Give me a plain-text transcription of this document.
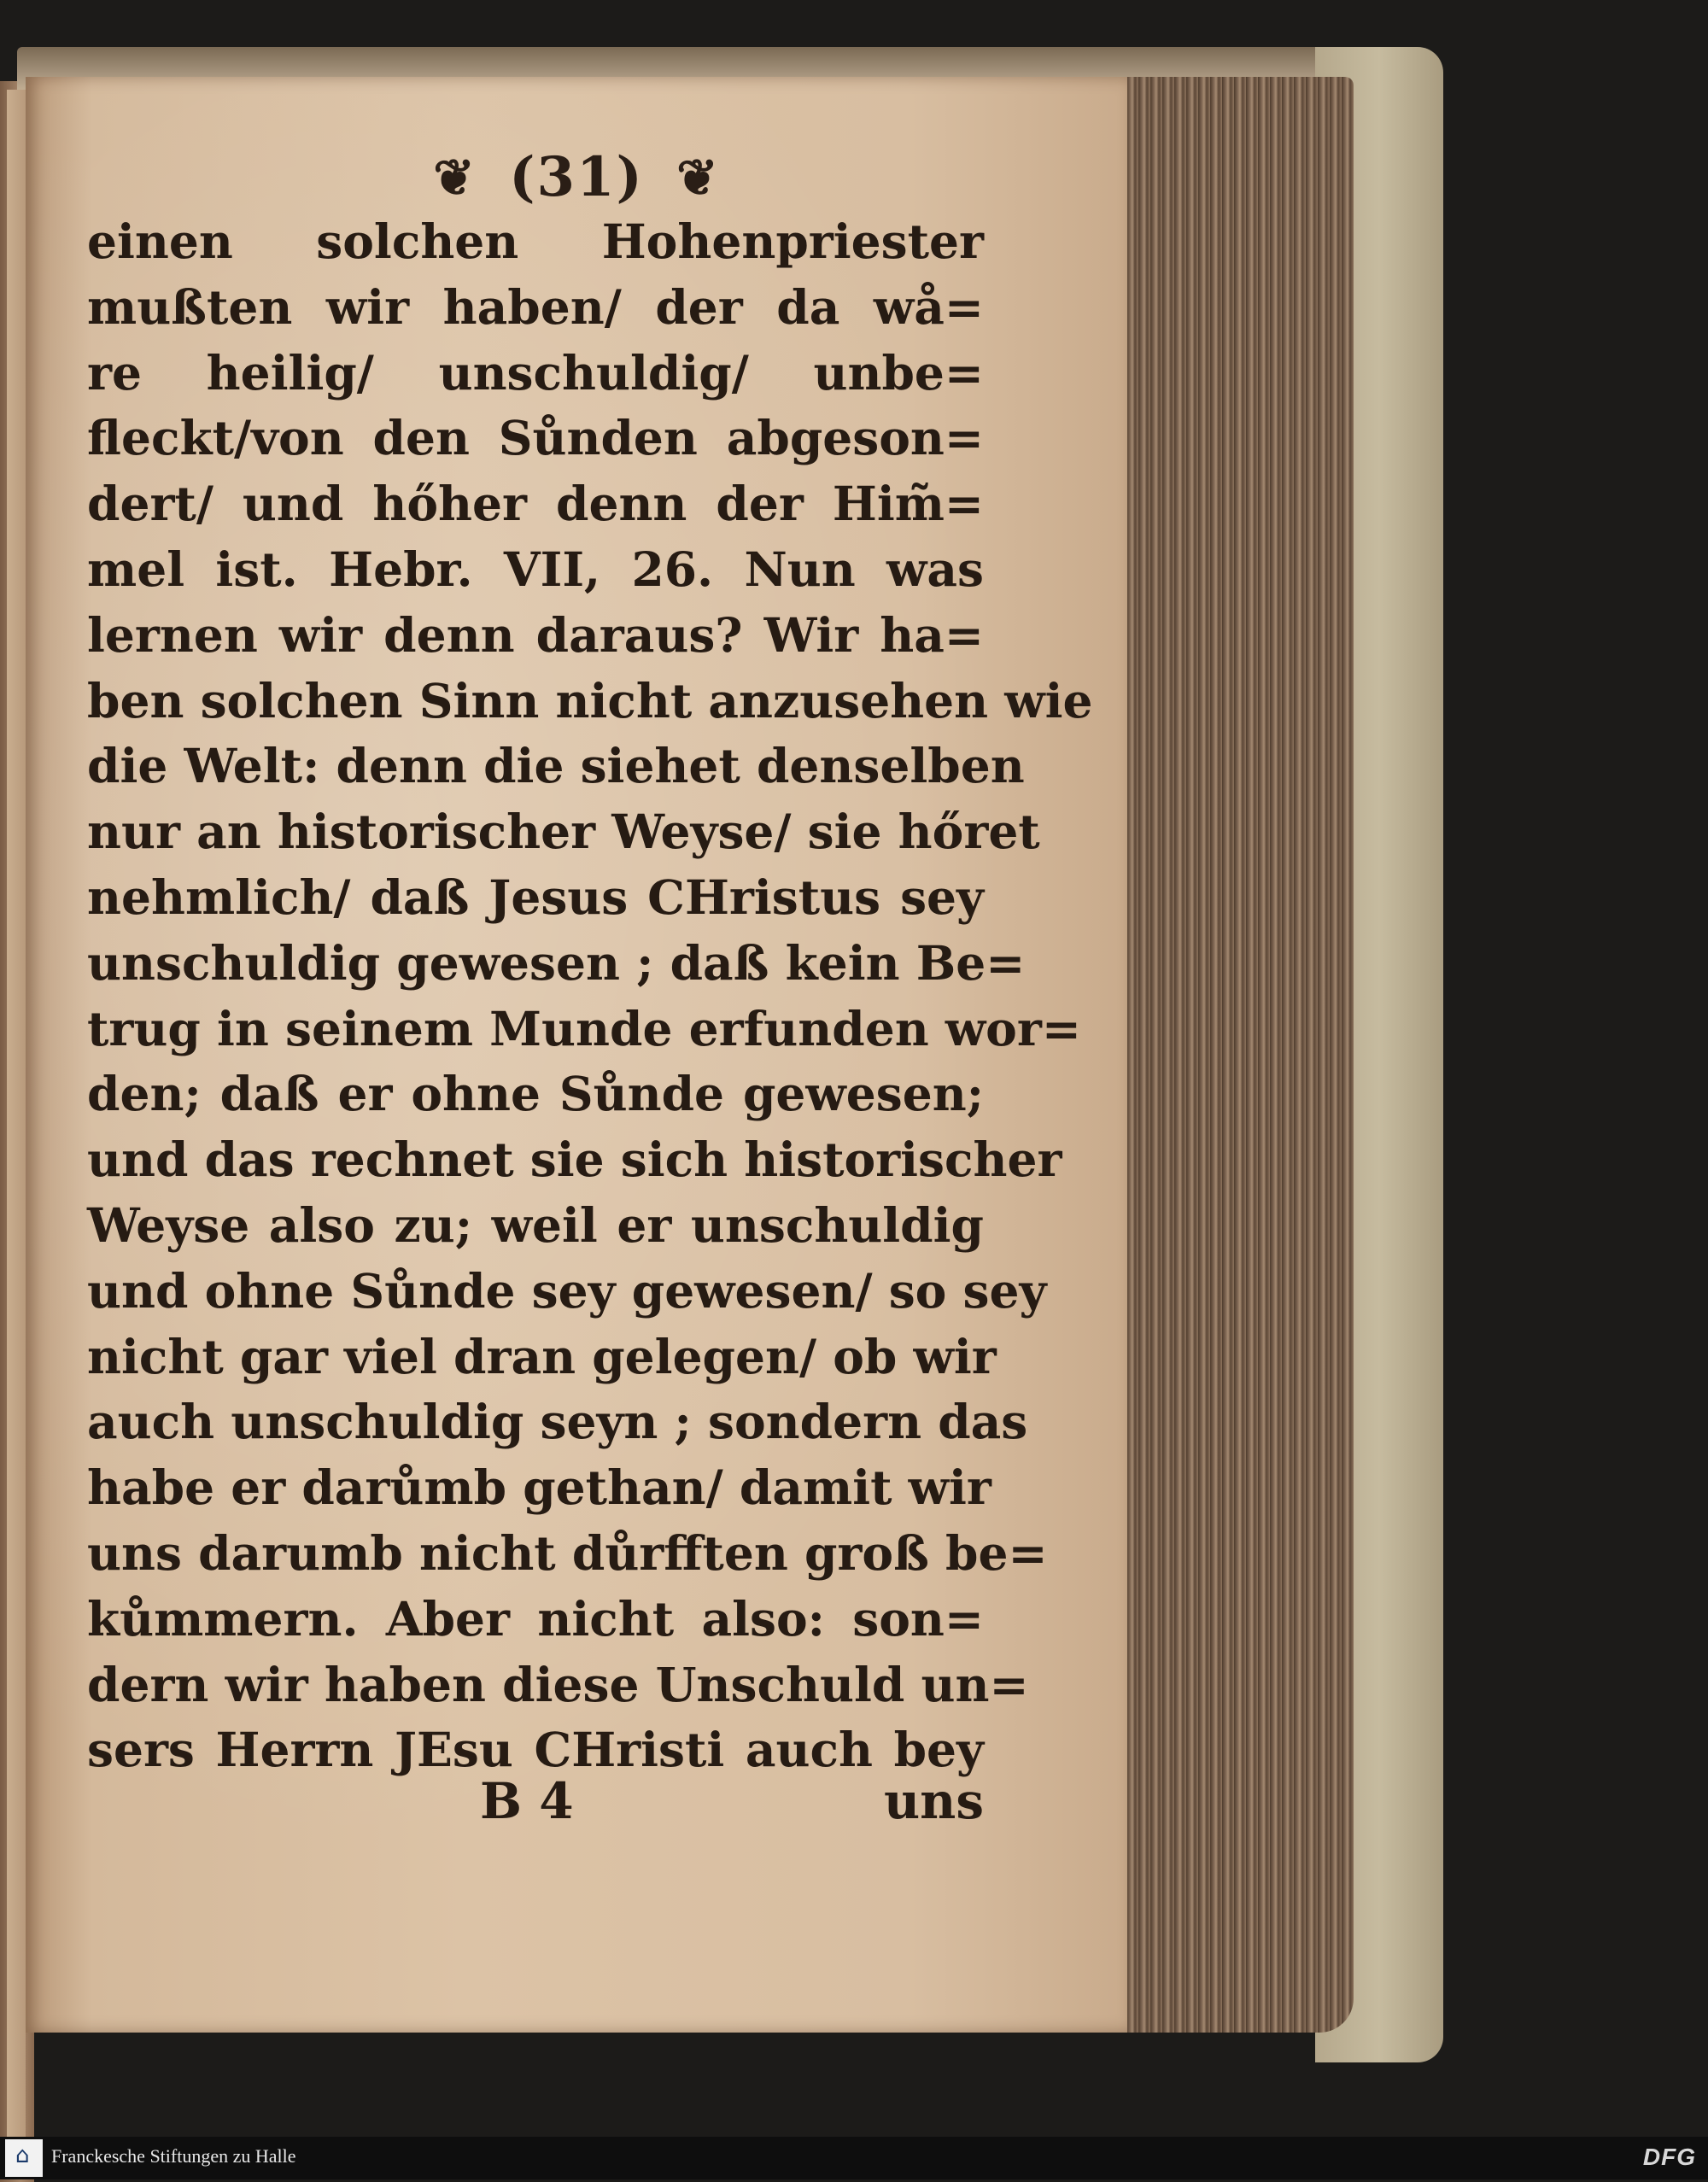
❦ (31) ❦
einen solchen Hohenpriester
mußten wir haben/ der da wå=
re heilig/ unschuldig/ unbe=
fleckt/von den Sůnden abgeson=
dert/ und hőher denn der Him̃=
mel ist. Hebr. VII, 26. Nun was
lernen wir denn daraus? Wir ha=
ben solchen Sinn nicht anzusehen wie
die Welt: denn die siehet denselben
nur an historischer Weyse/ sie hőret
nehmlich/ daß Jesus CHristus sey
unschuldig gewesen ; daß kein Be=
trug in seinem Munde erfunden wor=
den; daß er ohne Sůnde gewesen;
und das rechnet sie sich historischer
Weyse also zu; weil er unschuldig
und ohne Sůnde sey gewesen/ so sey
nicht gar viel dran gelegen/ ob wir
auch unschuldig seyn ; sondern das
habe er darůmb gethan/ damit wir
uns darumb nicht důrfften groß be=
kůmmern. Aber nicht also: son=
dern wir haben diese Unschuld un=
sers Herrn JEsu CHristi auch bey
B 4	uns
⌂ Franckesche Stiftungen zu Halle	DFG
